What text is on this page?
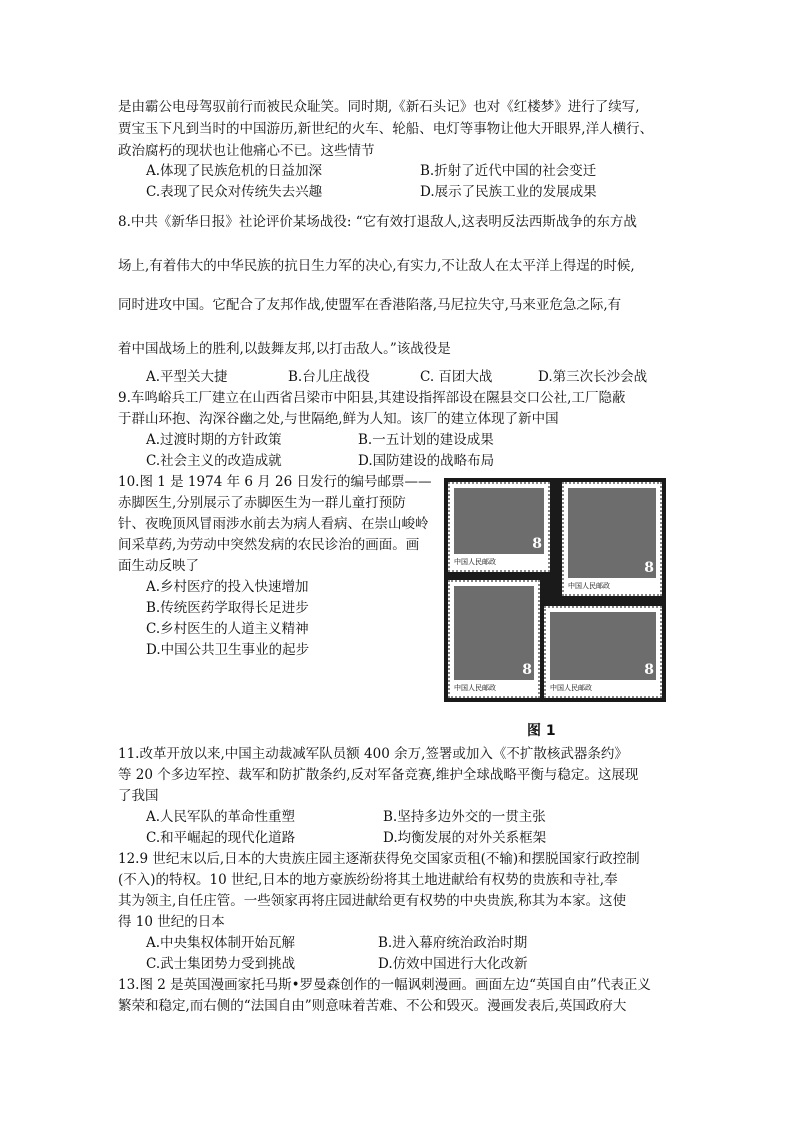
是由霸公电母驾驭前行而被民众耻笑。同时期,《新石头记》也对《红楼梦》进行了续写,
贾宝玉下凡到当时的中国游历,新世纪的火车、轮船、电灯等事物让他大开眼界,洋人横行、
政治腐朽的现状也让他痛心不已。这些情节
A.体现了民族危机的日益加深	B.折射了近代中国的社会变迁
C.表现了民众对传统失去兴趣	D.展示了民族工业的发展成果
8.中共《新华日报》社论评价某场战役: “它有效打退敌人,这表明反法西斯战争的东方战
场上,有着伟大的中华民族的抗日生力军的决心,有实力,不让敌人在太平洋上得逞的时候,
同时进攻中国。它配合了友邦作战,使盟军在香港陷落,马尼拉失守,马来亚危急之际,有
着中国战场上的胜利,以鼓舞友邦,以打击敌人。”该战役是
A.平型关大捷	B.台儿庄战役	C. 百团大战	D.第三次长沙会战
9.车鸣峪兵工厂建立在山西省吕梁市中阳县,其建设指挥部设在隰县交口公社,工厂隐蔽
于群山环抱、沟深谷幽之处,与世隔绝,鲜为人知。该厂的建立体现了新中国
A.过渡时期的方针政策	B.一五计划的建设成果
C.社会主义的改造成就	D.国防建设的战略布局
10.图 1 是 1974 年 6 月 26 日发行的编号邮票——
赤脚医生,分别展示了赤脚医生为一群儿童打预防
针、夜晚顶风冒雨涉水前去为病人看病、在崇山峻岭
间采草药,为劳动中突然发病的农民诊治的画面。画
面生动反映了
A.乡村医疗的投入快速增加
B.传统医药学取得长足进步
C.乡村医生的人道主义精神
D.中国公共卫生事业的起步
8
中国人民邮政	8
中国人民邮政
8
中国人民邮政
8
中国人民邮政
图 1
11.改革开放以来,中国主动裁减军队员额 400 余万,签署或加入《不扩散核武器条约》
等 20 个多边军控、裁军和防扩散条约,反对军备竞赛,维护全球战略平衡与稳定。这展现
了我国
A.人民军队的革命性重塑	B.坚持多边外交的一贯主张
C.和平崛起的现代化道路	D.均衡发展的对外关系框架
12.9 世纪末以后,日本的大贵族庄园主逐渐获得免交国家贡租(不输)和摆脱国家行政控制
(不入)的特权。10 世纪,日本的地方豪族纷纷将其土地进献给有权势的贵族和寺社,奉
其为领主,自任庄管。一些领家再将庄园进献给更有权势的中央贵族,称其为本家。这使
得 10 世纪的日本
A.中央集权体制开始瓦解	B.进入幕府统治政治时期
C.武士集团势力受到挑战	D.仿效中国进行大化改新
13.图 2 是英国漫画家托马斯•罗曼森创作的一幅讽刺漫画。画面左边“英国自由”代表正义
繁荣和稳定,而右侧的“法国自由”则意味着苦难、不公和毁灭。漫画发表后,英国政府大
